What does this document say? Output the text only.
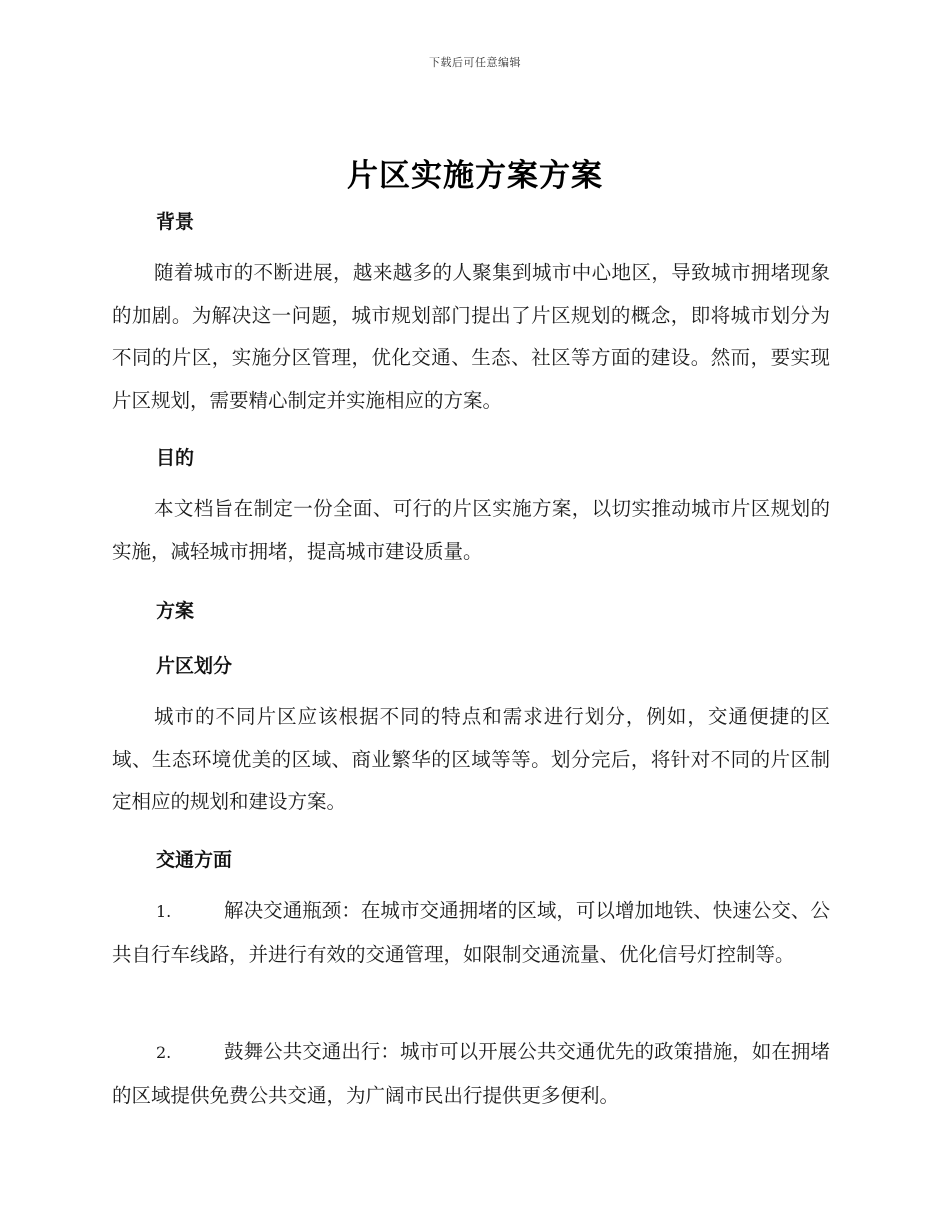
下载后可任意编辑
片区实施方案方案
背景

随着城市的不断进展，越来越多的人聚集到城市中心地区，导致城市拥堵现象的加剧。为解决这一问题，城市规划部门提出了片区规划的概念，即将城市划分为不同的片区，实施分区管理，优化交通、生态、社区等方面的建设。然而，要实现片区规划，需要精心制定并实施相应的方案。

目的

本文档旨在制定一份全面、可行的片区实施方案，以切实推动城市片区规划的实施，减轻城市拥堵，提高城市建设质量。

方案
片区划分

城市的不同片区应该根据不同的特点和需求进行划分，例如，交通便捷的区域、生态环境优美的区域、商业繁华的区域等等。划分完后，将针对不同的片区制定相应的规划和建设方案。

交通方面

1.	解决交通瓶颈：在城市交通拥堵的区域，可以增加地铁、快速公交、公共自行车线路，并进行有效的交通管理，如限制交通流量、优化信号灯控制等。

2.	鼓舞公共交通出行：城市可以开展公共交通优先的政策措施，如在拥堵的区域提供免费公共交通，为广阔市民出行提供更多便利。
